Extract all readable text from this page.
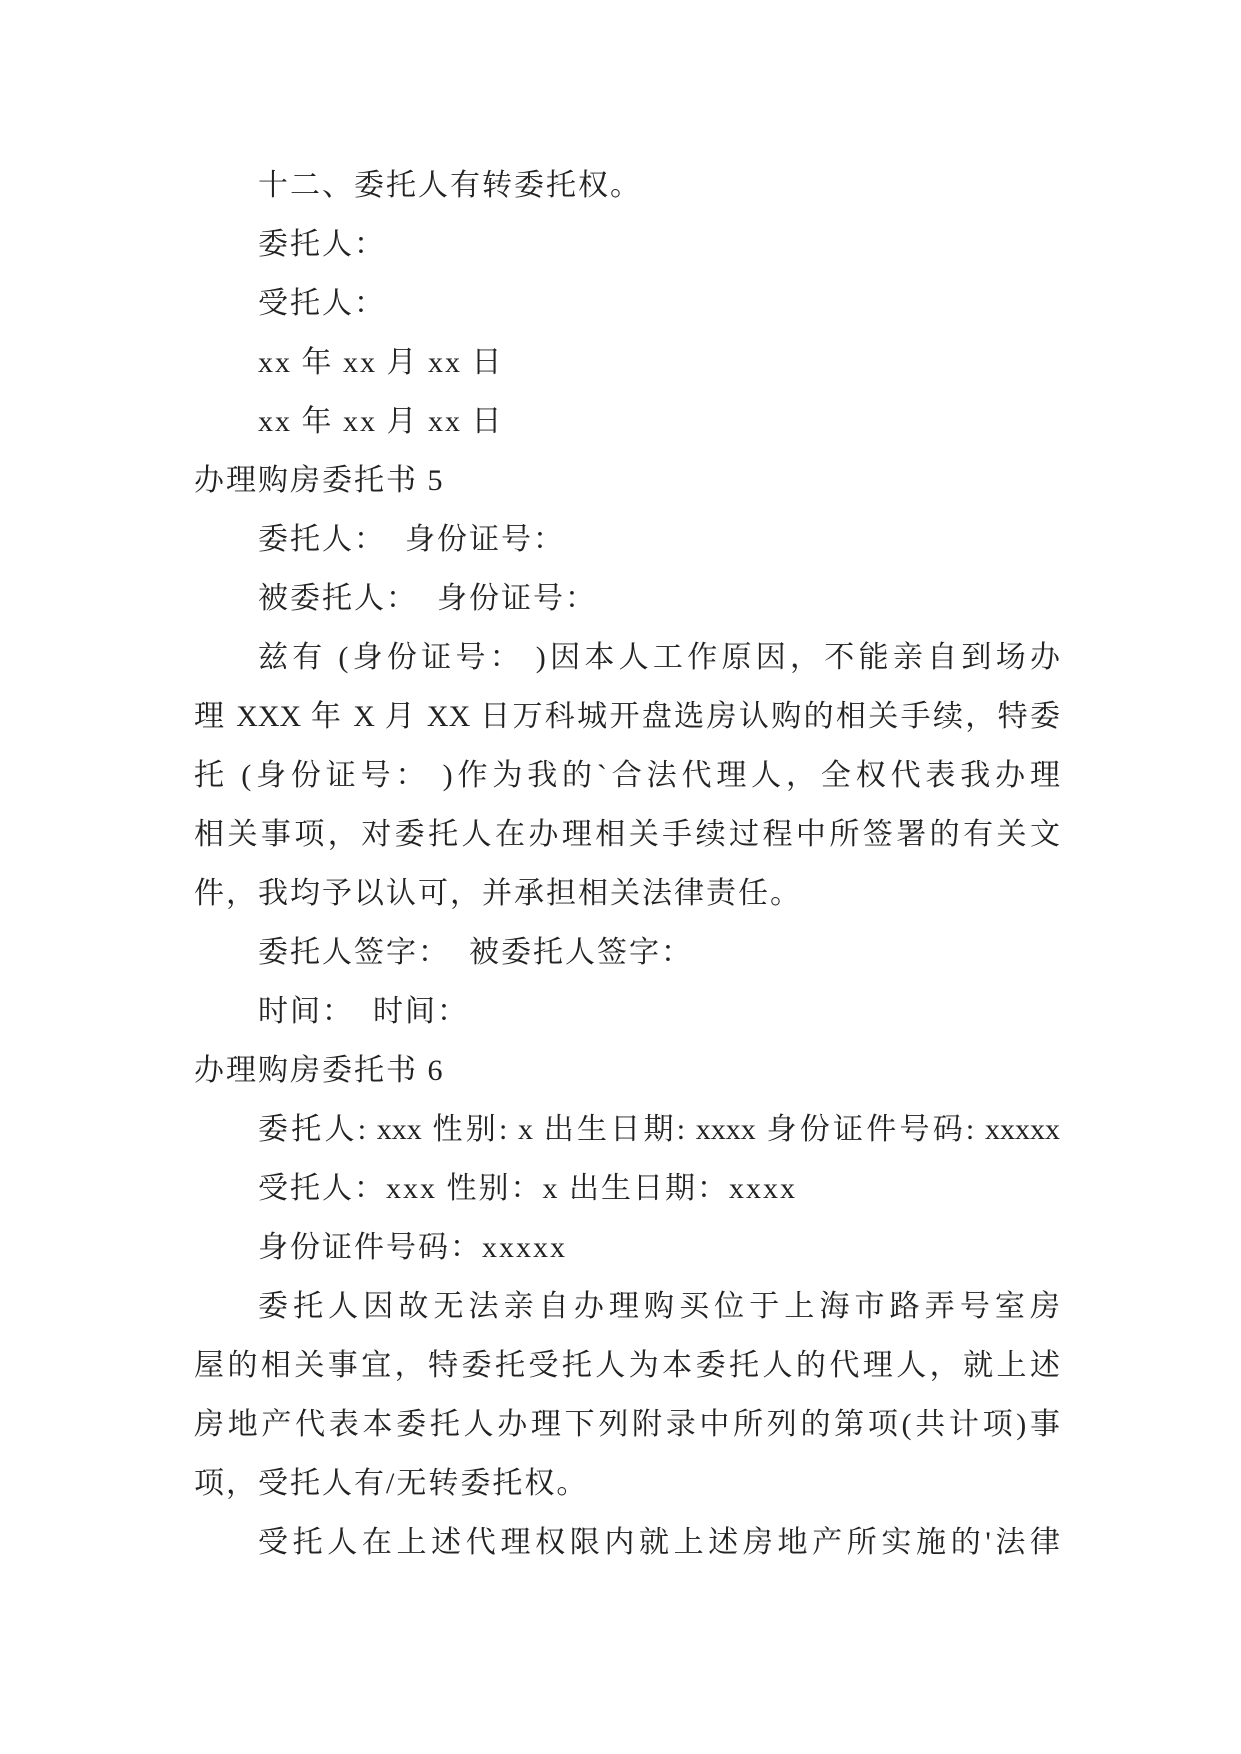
十二、委托人有转委托权。
委托人：
受托人：
xx 年 xx 月 xx 日
xx 年 xx 月 xx 日
办理购房委托书 5
委托人：  身份证号：
被委托人：  身份证号：
兹有 (身份证号： )因本人工作原因，不能亲自到场办
理 XXX 年 X 月 XX 日万科城开盘选房认购的相关手续，特委
托 (身份证号： )作为我的`合法代理人，全权代表我办理
相关事项，对委托人在办理相关手续过程中所签署的有关文
件，我均予以认可，并承担相关法律责任。
委托人签字：  被委托人签字：
时间：  时间：
办理购房委托书 6
委托人: xxx 性别: x 出生日期: xxxx 身份证件号码: xxxxx
受托人：xxx 性别：x 出生日期：xxxx
身份证件号码：xxxxx
委托人因故无法亲自办理购买位于上海市路弄号室房
屋的相关事宜，特委托受托人为本委托人的代理人，就上述
房地产代表本委托人办理下列附录中所列的第项(共计项)事
项，受托人有/无转委托权。
受托人在上述代理权限内就上述房地产所实施的'法律
